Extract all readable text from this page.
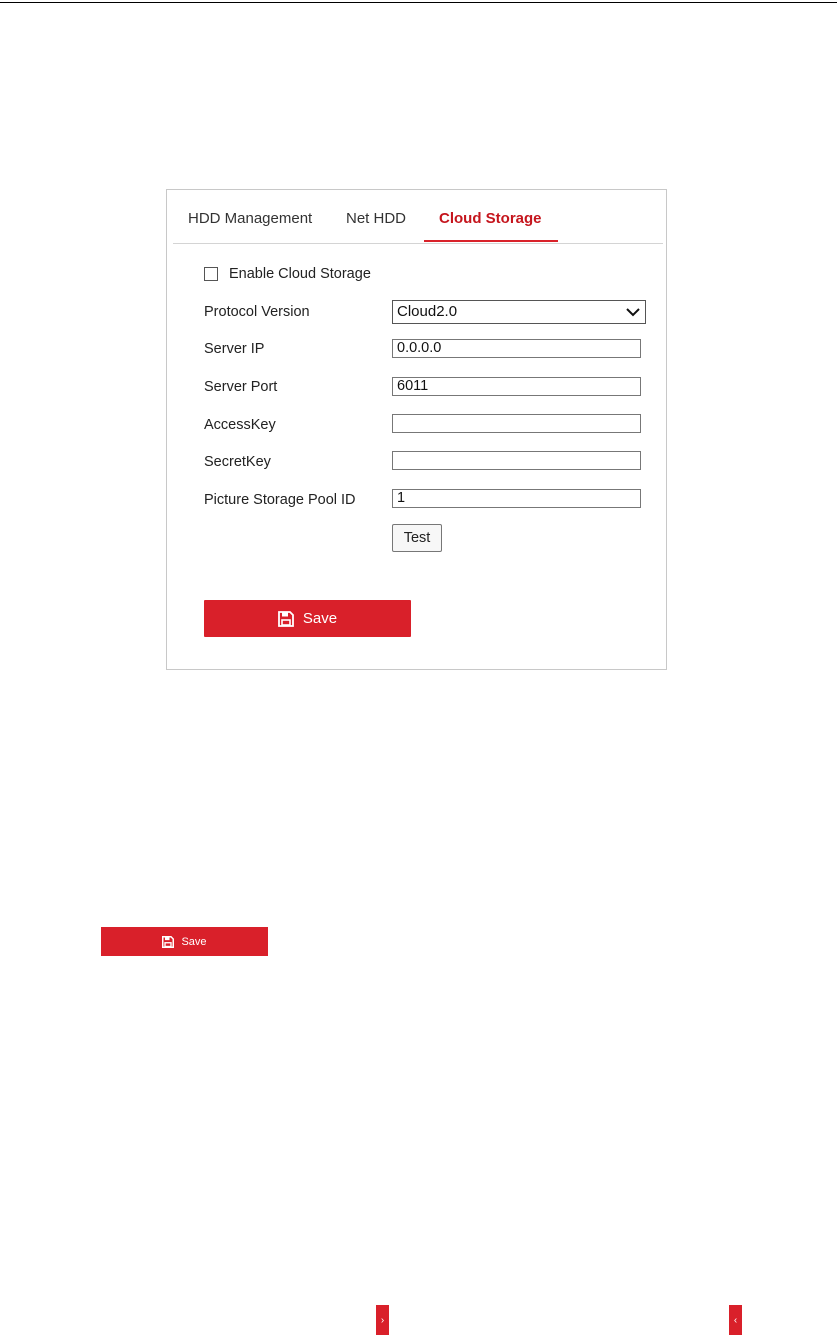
HDD Management Net HDD Cloud Storage
Enable Cloud Storage
Protocol Version	Cloud2.0
Server IP	0.0.0.0
Server Port	6011
AccessKey
SecretKey
Picture Storage Pool ID	1
Test
Save
Save
›	‹
